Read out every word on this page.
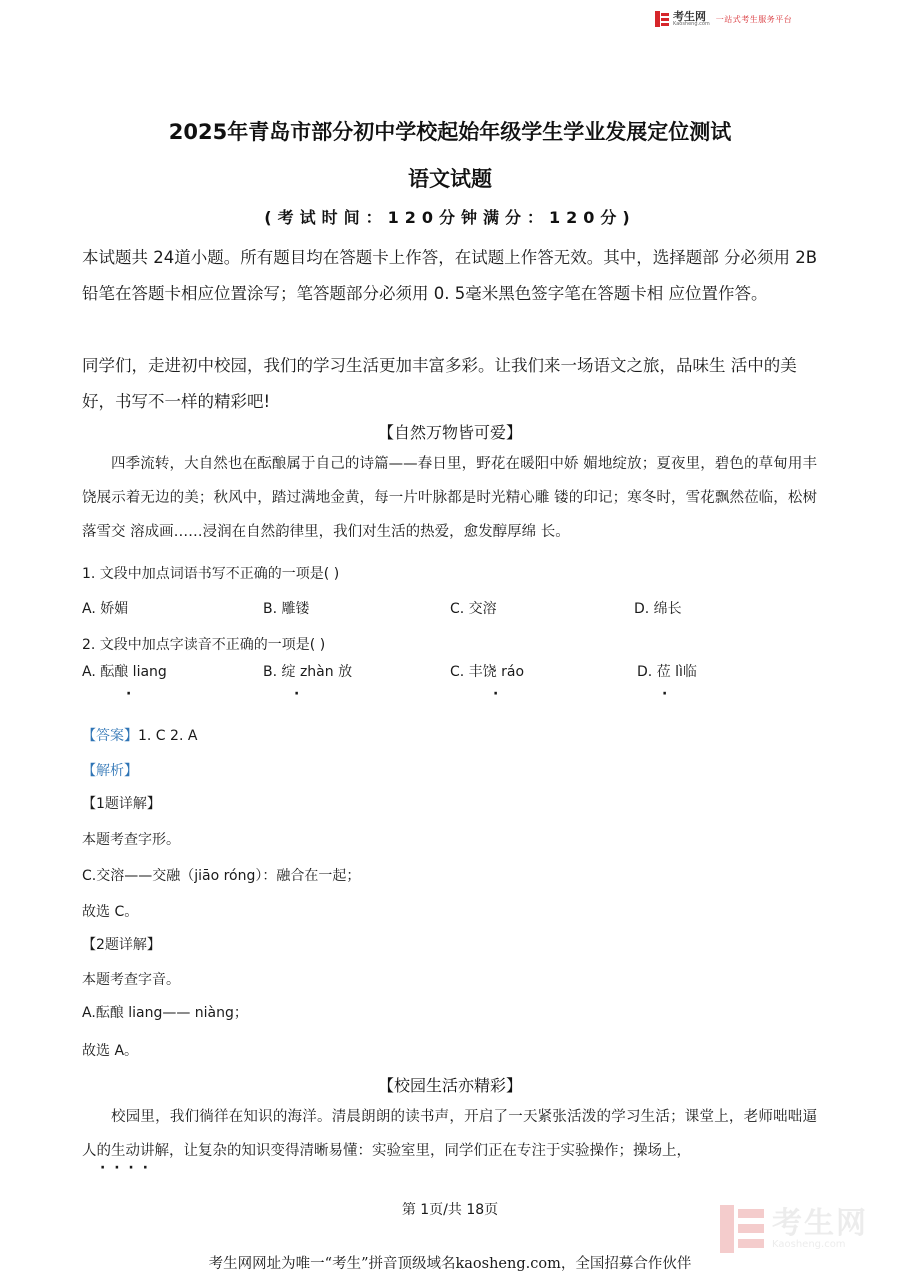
考生网
Kaosheng.com
一站式考生服务平台
2025年青岛市部分初中学校起始年级学生学业发展定位测试
语文试题
(考试时间：120分钟满分：120分)
本试题共 24道小题。所有题目均在答题卡上作答，在试题上作答无效。其中，选择题部 分必须用 2B 铅笔在答题卡相应位置涂写；笔答题部分必须用 0. 5毫米黑色签字笔在答题卡相 应位置作答。
同学们，走进初中校园，我们的学习生活更加丰富多彩。让我们来一场语文之旅，品味生 活中的美好，书写不一样的精彩吧!
【自然万物皆可爱】
四季流转，大自然也在酝酿属于自己的诗篇——春日里，野花在暖阳中娇 媚地绽放；夏夜里，碧色的草甸用丰饶展示着无边的美；秋风中，踏过满地金黄，每一片叶脉都是时光精心雕 镂的印记；寒冬时，雪花飘然莅临，松树落雪交 溶成画……浸润在自然韵律里，我们对生活的热爱，愈发醇厚绵 长。
1. 文段中加点词语书写不正确的一项是( )
A. 娇媚	B. 雕镂	C. 交溶	D. 绵长
2. 文段中加点字读音不正确的一项是( )
A. 酝酿 liang	B. 绽 zhàn 放	C. 丰饶 ráo	D. 莅 lì临
·	·	·	·
【答案】1. C 2. A
【解析】
【1题详解】
本题考查字形。
C.交溶——交融（jiāo róng）：融合在一起；
故选 C。
【2题详解】
本题考查字音。
A.酝酿 liang—— niàng；
故选 A。
【校园生活亦精彩】
校园里，我们徜徉在知识的海洋。清晨朗朗的读书声，开启了一天紧张活泼的学习生活；课堂上，老师咄咄逼人的生动讲解，让复杂的知识变得清晰易懂：实验室里，同学们正在专注于实验操作；操场上，
· · · ·
第 1页/共 18页	考生网
Kaosheng.com
考生网网址为唯一“考生”拼音顶级域名kaosheng.com，全国招募合作伙伴
